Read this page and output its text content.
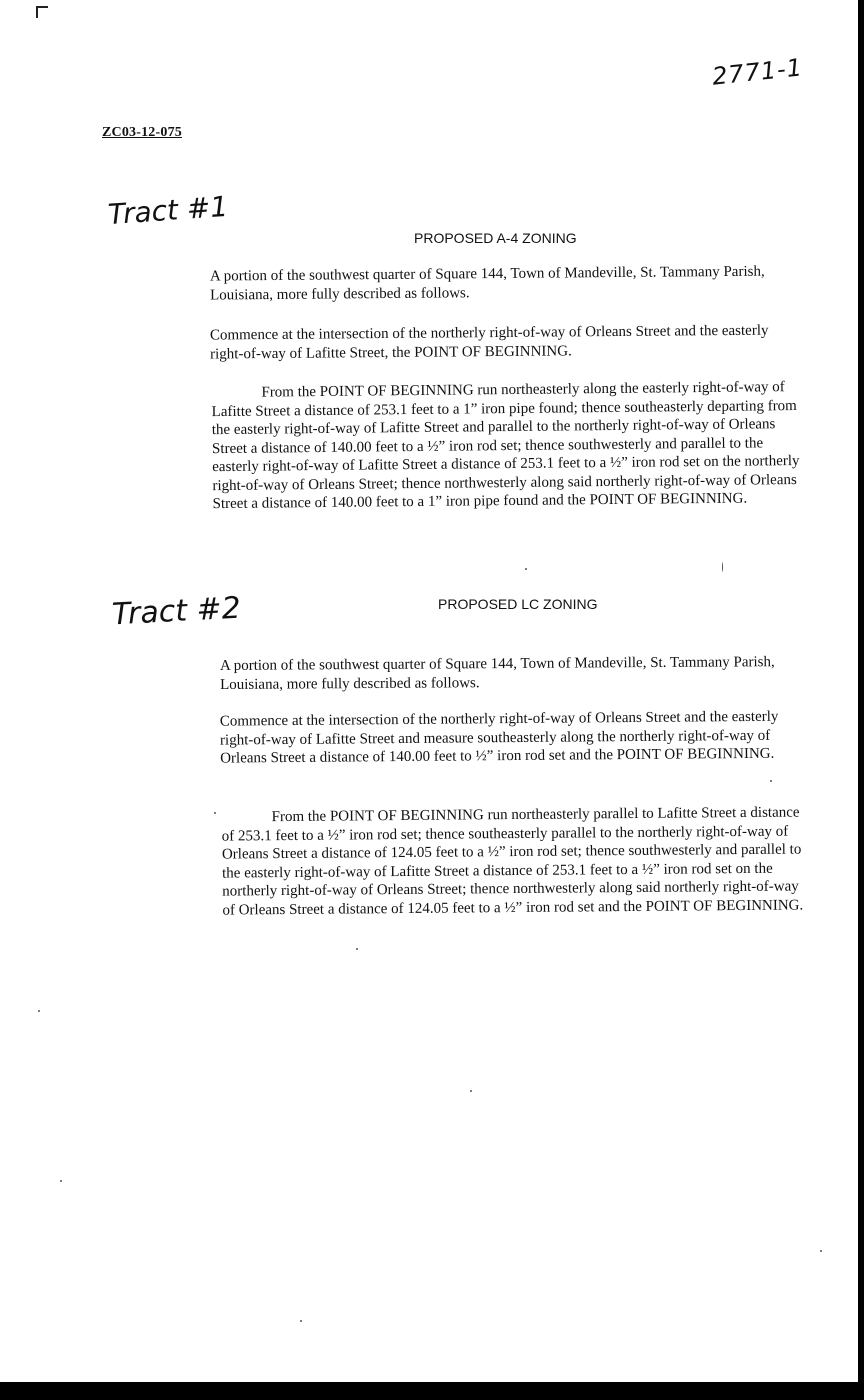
2771-1
ZC03-12-075
Tract #1
PROPOSED A-4 ZONING

A portion of the southwest quarter of Square 144, Town of Mandeville, St. Tammany Parish, Louisiana, more fully described as follows.

Commence at the intersection of the northerly right-of-way of Orleans Street and the easterly right-of-way of Lafitte Street, the POINT OF BEGINNING.

From the POINT OF BEGINNING run northeasterly along the easterly right-of-way of Lafitte Street a distance of 253.1 feet to a 1” iron pipe found; thence southeasterly departing from the easterly right-of-way of Lafitte Street and parallel to the northerly right-of-way of Orleans Street a distance of 140.00 feet to a ½” iron rod set; thence southwesterly and parallel to the easterly right-of-way of Lafitte Street a distance of 253.1 feet to a ½” iron rod set on the northerly right-of-way of Orleans Street; thence northwesterly along said northerly right-of-way of Orleans Street a distance of 140.00 feet to a 1” iron pipe found and the POINT OF BEGINNING.

Tract #2	PROPOSED LC ZONING

A portion of the southwest quarter of Square 144, Town of Mandeville, St. Tammany Parish, Louisiana, more fully described as follows.

Commence at the intersection of the northerly right-of-way of Orleans Street and the easterly right-of-way of Lafitte Street and measure southeasterly along the northerly right-of-way of Orleans Street a distance of 140.00 feet to ½” iron rod set and the POINT OF BEGINNING.

From the POINT OF BEGINNING run northeasterly parallel to Lafitte Street a distance of 253.1 feet to a ½” iron rod set; thence southeasterly parallel to the northerly right-of-way of Orleans Street a distance of 124.05 feet to a ½” iron rod set; thence southwesterly and parallel to the easterly right-of-way of Lafitte Street a distance of 253.1 feet to a ½” iron rod set on the northerly right-of-way of Orleans Street; thence northwesterly along said northerly right-of-way of Orleans Street a distance of 124.05 feet to a ½” iron rod set and the POINT OF BEGINNING.
